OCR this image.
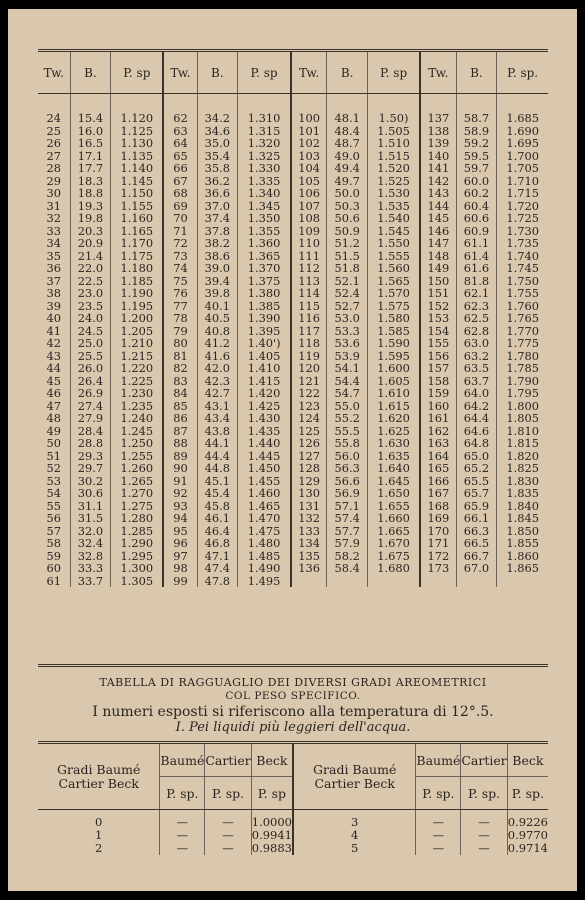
Tw.	B.	P. sp	Tw.	B.	P. sp	Tw.	B.	P. sp	Tw.	B.	P. sp.
24	15.4	1.120	62	34.2	1.310	100	48.1	1.50)	137	58.7	1.685
25	16.0	1.125	63	34.6	1.315	101	48.4	1.505	138	58.9	1.690
26	16.5	1.130	64	35.0	1.320	102	48.7	1.510	139	59.2	1.695
27	17.1	1.135	65	35.4	1.325	103	49.0	1.515	140	59.5	1.700
28	17.7	1.140	66	35.8	1.330	104	49.4	1.520	141	59.7	1.705
29	18.3	1.145	67	36.2	1.335	105	49.7	1.525	142	60.0	1.710
30	18.8	1.150	68	36.6	1.340	106	50.0	1.530	143	60.2	1.715
31	19.3	1.155	69	37.0	1.345	107	50.3	1.535	144	60.4	1.720
32	19.8	1.160	70	37.4	1.350	108	50.6	1.540	145	60.6	1.725
33	20.3	1.165	71	37.8	1.355	109	50.9	1.545	146	60.9	1.730
34	20.9	1.170	72	38.2	1.360	110	51.2	1.550	147	61.1	1.735
35	21.4	1.175	73	38.6	1.365	111	51.5	1.555	148	61.4	1.740
36	22.0	1.180	74	39.0	1.370	112	51.8	1.560	149	61.6	1.745
37	22.5	1.185	75	39.4	1.375	113	52.1	1.565	150	81.8	1.750
38	23.0	1.190	76	39.8	1.380	114	52.4	1.570	151	62.1	1.755
39	23.5	1.195	77	40.1	1.385	115	52.7	1.575	152	62.3	1.760
40	24.0	1.200	78	40.5	1.390	116	53.0	1.580	153	62.5	1.765
41	24.5	1.205	79	40.8	1.395	117	53.3	1.585	154	62.8	1.770
42	25.0	1.210	80	41.2	1.40')	118	53.6	1.590	155	63.0	1.775
43	25.5	1.215	81	41.6	1.405	119	53.9	1.595	156	63.2	1.780
44	26.0	1.220	82	42.0	1.410	120	54.1	1.600	157	63.5	1.785
45	26.4	1.225	83	42.3	1.415	121	54.4	1.605	158	63.7	1.790
46	26.9	1.230	84	42.7	1.420	122	54.7	1.610	159	64.0	1.795
47	27.4	1.235	85	43.1	1.425	123	55.0	1.615	160	64.2	1.800
48	27.9	1.240	86	43.4	1.430	124	55.2	1.620	161	64.4	1.805
49	28.4	1.245	87	43.8	1.435	125	55.5	1.625	162	64.6	1.810
50	28.8	1.250	88	44.1	1.440	126	55.8	1.630	163	64.8	1.815
51	29.3	1.255	89	44.4	1.445	127	56.0	1.635	164	65.0	1.820
52	29.7	1.260	90	44.8	1.450	128	56.3	1.640	165	65.2	1.825
53	30.2	1.265	91	45.1	1.455	129	56.6	1.645	166	65.5	1.830
54	30.6	1.270	92	45.4	1.460	130	56.9	1.650	167	65.7	1.835
55	31.1	1.275	93	45.8	1.465	131	57.1	1.655	168	65.9	1.840
56	31.5	1.280	94	46.1	1.470	132	57.4	1.660	169	66.1	1.845
57	32.0	1.285	95	46.4	1.475	133	57.7	1.665	170	66.3	1.850
58	32.4	1.290	96	46.8	1.480	134	57.9	1.670	171	66.5	1.855
59	32.8	1.295	97	47.1	1.485	135	58.2	1.675	172	66.7	1.860
60	33.3	1.300	98	47.4	1.490	136	58.4	1.680	173	67.0	1.865
61	33.7	1.305	99	47.8	1.495						
TABELLA DI RAGGUAGLIO DEI DIVERSI GRADI AREOMETRICI
COL PESO SPECIFICO.
I numeri esposti si riferiscono alla temperatura di 12°.5.
I. Pei liquidi più leggieri dell'acqua.
Gradi Baumé Cartier Beck	Baumé	Cartier	Beck	Gradi Baumé Cartier Beck	Baumé	Cartier	Beck
	P. sp.	P. sp.	P. sp		P. sp.	P. sp.	P. sp.
0	—	—	1.0000	3	—	—	0.9226
1	—	—	0.9941	4	—	—	0.9770
2	—	—	0.9883	5	—	—	0.9714
